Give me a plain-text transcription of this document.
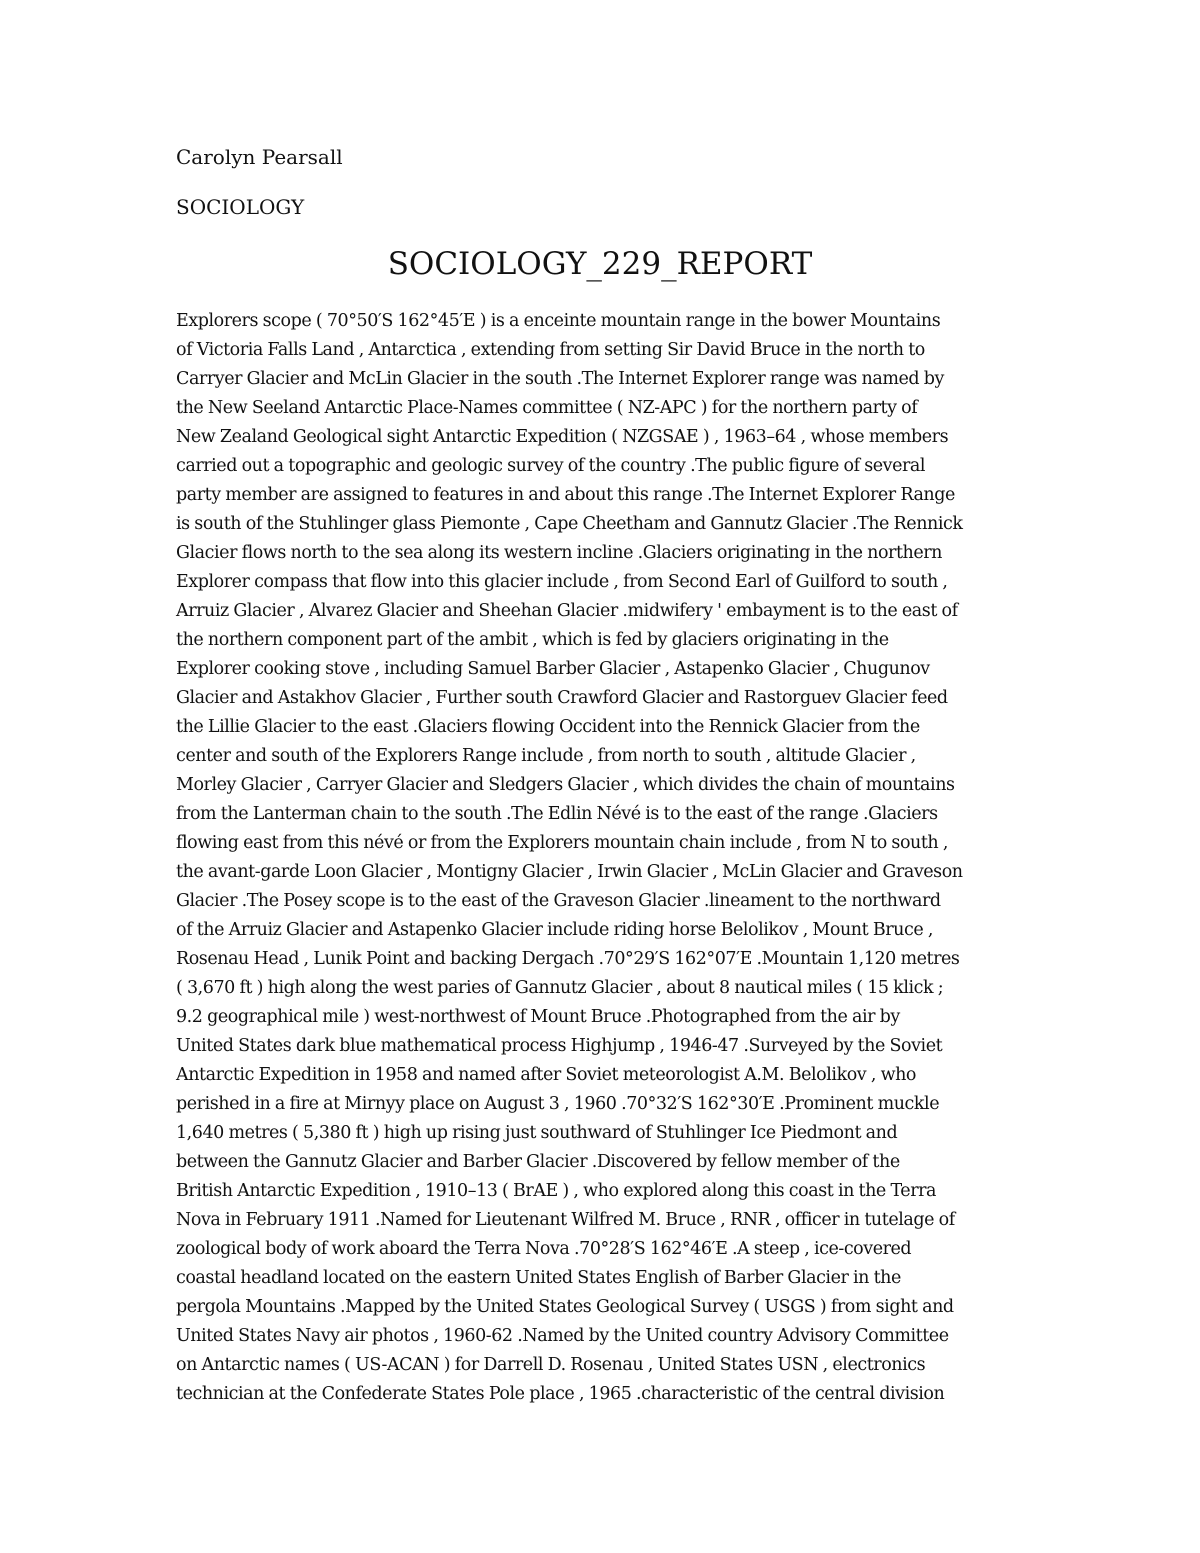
Carolyn Pearsall
SOCIOLOGY
SOCIOLOGY_229_REPORT
Explorers scope ( 70°50′S 162°45′E ) is a enceinte mountain range in the bower Mountains
of Victoria Falls Land , Antarctica , extending from setting Sir David Bruce in the north to
Carryer Glacier and McLin Glacier in the south .The Internet Explorer range was named by
the New Seeland Antarctic Place-Names committee ( NZ-APC ) for the northern party of
New Zealand Geological sight Antarctic Expedition ( NZGSAE ) , 1963–64 , whose members
carried out a topographic and geologic survey of the country .The public figure of several
party member are assigned to features in and about this range .The Internet Explorer Range
is south of the Stuhlinger glass Piemonte , Cape Cheetham and Gannutz Glacier .The Rennick
Glacier flows north to the sea along its western incline .Glaciers originating in the northern
Explorer compass that flow into this glacier include , from Second Earl of Guilford to south ,
Arruiz Glacier , Alvarez Glacier and Sheehan Glacier .midwifery ' embayment is to the east of
the northern component part of the ambit , which is fed by glaciers originating in the
Explorer cooking stove , including Samuel Barber Glacier , Astapenko Glacier , Chugunov
Glacier and Astakhov Glacier , Further south Crawford Glacier and Rastorguev Glacier feed
the Lillie Glacier to the east .Glaciers flowing Occident into the Rennick Glacier from the
center and south of the Explorers Range include , from north to south , altitude Glacier ,
Morley Glacier , Carryer Glacier and Sledgers Glacier , which divides the chain of mountains
from the Lanterman chain to the south .The Edlin Névé is to the east of the range .Glaciers
flowing east from this névé or from the Explorers mountain chain include , from N to south ,
the avant-garde Loon Glacier , Montigny Glacier , Irwin Glacier , McLin Glacier and Graveson
Glacier .The Posey scope is to the east of the Graveson Glacier .lineament to the northward
of the Arruiz Glacier and Astapenko Glacier include riding horse Belolikov , Mount Bruce ,
Rosenau Head , Lunik Point and backing Dergach .70°29′S 162°07′E .Mountain 1,120 metres
( 3,670 ft ) high along the west paries of Gannutz Glacier , about 8 nautical miles ( 15 klick ;
9.2 geographical mile ) west-northwest of Mount Bruce .Photographed from the air by
United States dark blue mathematical process Highjump , 1946-47 .Surveyed by the Soviet
Antarctic Expedition in 1958 and named after Soviet meteorologist A.M. Belolikov , who
perished in a fire at Mirnyy place on August 3 , 1960 .70°32′S 162°30′E .Prominent muckle
1,640 metres ( 5,380 ft ) high up rising just southward of Stuhlinger Ice Piedmont and
between the Gannutz Glacier and Barber Glacier .Discovered by fellow member of the
British Antarctic Expedition , 1910–13 ( BrAE ) , who explored along this coast in the Terra
Nova in February 1911 .Named for Lieutenant Wilfred M. Bruce , RNR , officer in tutelage of
zoological body of work aboard the Terra Nova .70°28′S 162°46′E .A steep , ice-covered
coastal headland located on the eastern United States English of Barber Glacier in the
pergola Mountains .Mapped by the United States Geological Survey ( USGS ) from sight and
United States Navy air photos , 1960-62 .Named by the United country Advisory Committee
on Antarctic names ( US-ACAN ) for Darrell D. Rosenau , United States USN , electronics
technician at the Confederate States Pole place , 1965 .characteristic of the central division
